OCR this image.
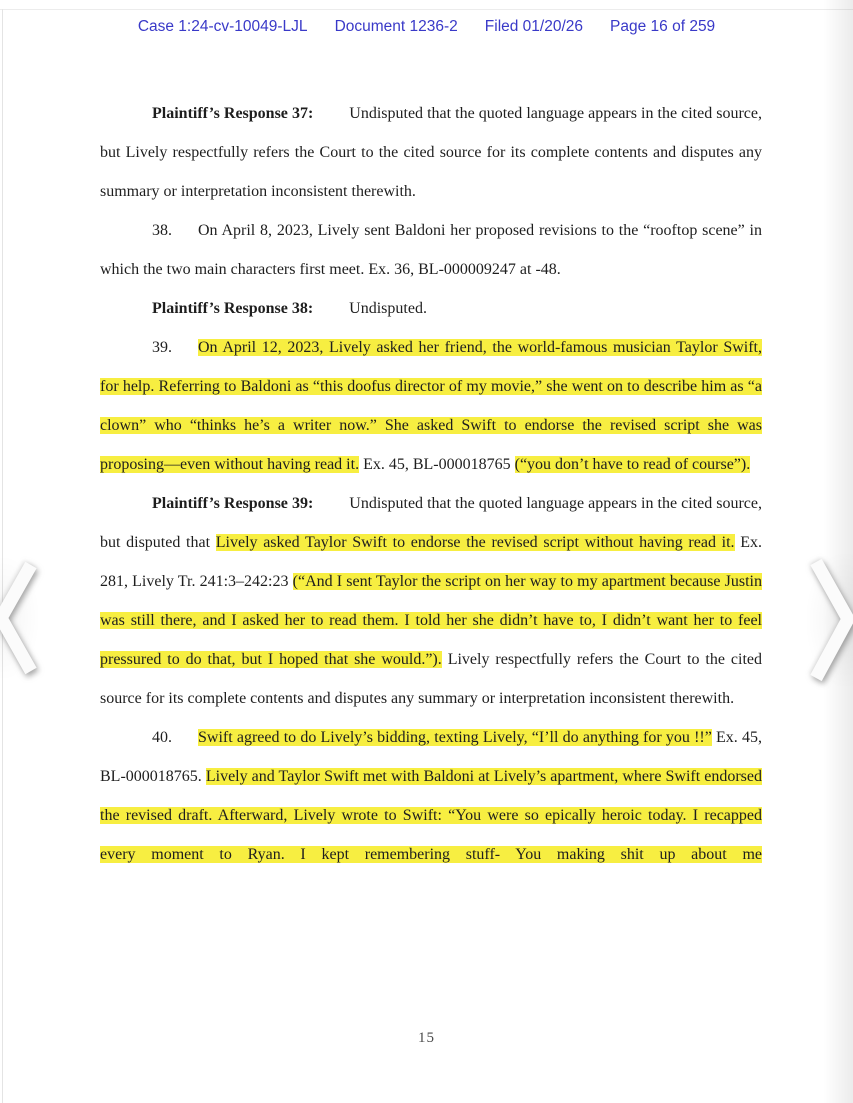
Case 1:24-cv-10049-LJL Document 1236-2 Filed 01/20/26 Page 16 of 259

Plaintiff’s Response 37: Undisputed that the quoted language appears in the cited source, but Lively respectfully refers the Court to the cited source for its complete contents and disputes any summary or interpretation inconsistent therewith.

38. On April 8, 2023, Lively sent Baldoni her proposed revisions to the “rooftop scene” in which the two main characters first meet. Ex. 36, BL-000009247 at -48.

Plaintiff’s Response 38: Undisputed.

39. On April 12, 2023, Lively asked her friend, the world-famous musician Taylor Swift, for help. Referring to Baldoni as “this doofus director of my movie,” she went on to describe him as “a clown” who “thinks he’s a writer now.” She asked Swift to endorse the revised script she was proposing—even without having read it. Ex. 45, BL-000018765 (“you don’t have to read of course”).

Plaintiff’s Response 39: Undisputed that the quoted language appears in the cited source, but disputed that Lively asked Taylor Swift to endorse the revised script without having read it. Ex. 281, Lively Tr. 241:3–242:23 (“And I sent Taylor the script on her way to my apartment because Justin was still there, and I asked her to read them. I told her she didn’t have to, I didn’t want her to feel pressured to do that, but I hoped that she would.”). Lively respectfully refers the Court to the cited source for its complete contents and disputes any summary or interpretation inconsistent therewith.

40. Swift agreed to do Lively’s bidding, texting Lively, “I’ll do anything for you !!” Ex. 45, BL-000018765. Lively and Taylor Swift met with Baldoni at Lively’s apartment, where Swift endorsed the revised draft. Afterward, Lively wrote to Swift: “You were so epically heroic today. I recapped every moment to Ryan. I kept remembering stuff- You making shit up about me

15
